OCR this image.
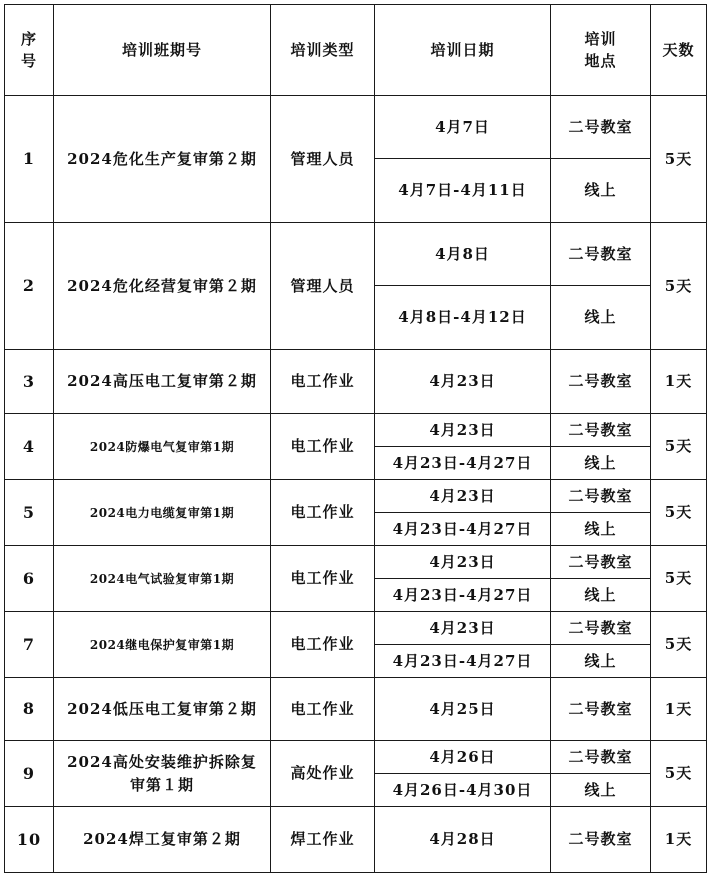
序号	培训班期号	培训类型	培训日期	培训地点	天数
1	2024危化生产复审第２期	管理人员	4月7日	二号教室	5天
			4月7日-4月11日	线上	
2	2024危化经营复审第２期	管理人员	4月8日	二号教室	5天
			4月8日-4月12日	线上	
3	2024高压电工复审第２期	电工作业	4月23日	二号教室	1天
4	2024防爆电气复审第1期	电工作业	4月23日	二号教室	5天
			4月23日-4月27日	线上	
5	2024电力电缆复审第1期	电工作业	4月23日	二号教室	5天
			4月23日-4月27日	线上	
6	2024电气试验复审第1期	电工作业	4月23日	二号教室	5天
			4月23日-4月27日	线上	
7	2024继电保护复审第1期	电工作业	4月23日	二号教室	5天
			4月23日-4月27日	线上	
8	2024低压电工复审第２期	电工作业	4月25日	二号教室	1天
9	2024高处安装维护拆除复审第１期	高处作业	4月26日	二号教室	5天
			4月26日-4月30日	线上	
10	2024焊工复审第２期	焊工作业	4月28日	二号教室	1天
